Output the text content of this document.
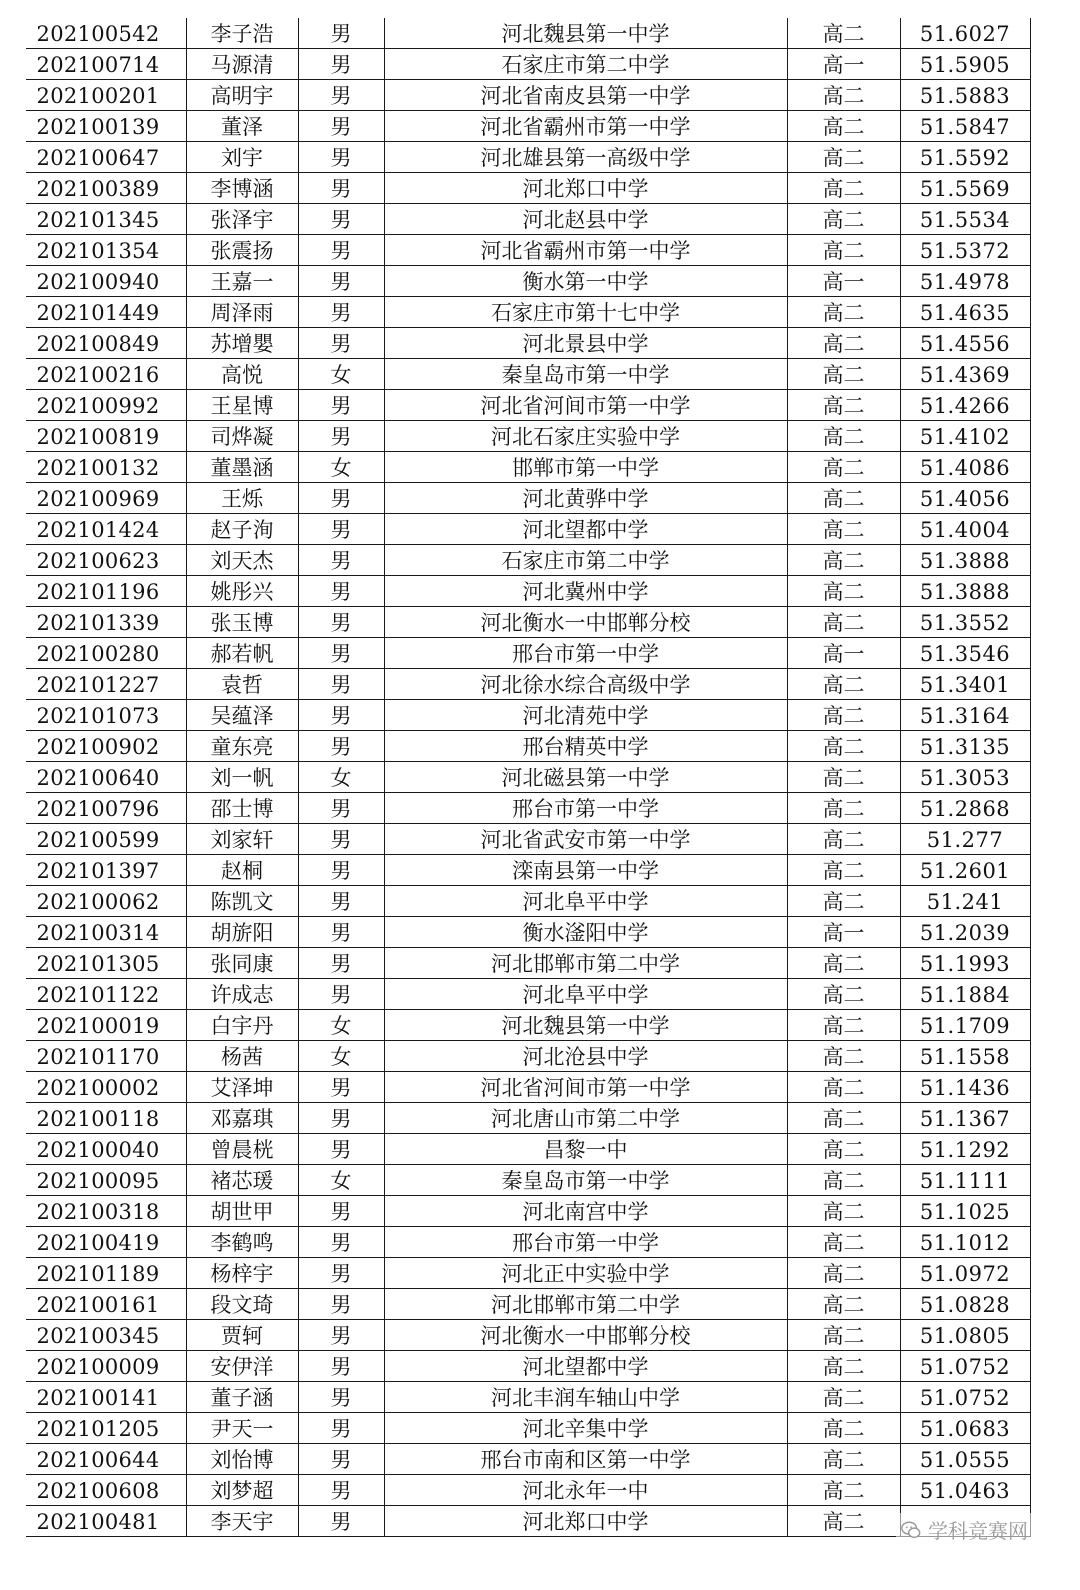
202100542	李子浩	男	河北魏县第一中学	高二	51.6027
202100714	马源清	男	石家庄市第二中学	高一	51.5905
202100201	高明宇	男	河北省南皮县第一中学	高二	51.5883
202100139	董泽	男	河北省霸州市第一中学	高二	51.5847
202100647	刘宇	男	河北雄县第一高级中学	高二	51.5592
202100389	李博涵	男	河北郑口中学	高二	51.5569
202101345	张泽宇	男	河北赵县中学	高二	51.5534
202101354	张震扬	男	河北省霸州市第一中学	高二	51.5372
202100940	王嘉一	男	衡水第一中学	高一	51.4978
202101449	周泽雨	男	石家庄市第十七中学	高二	51.4635
202100849	苏增嬰	男	河北景县中学	高二	51.4556
202100216	高悦	女	秦皇岛市第一中学	高二	51.4369
202100992	王星博	男	河北省河间市第一中学	高二	51.4266
202100819	司烨凝	男	河北石家庄实验中学	高二	51.4102
202100132	董墨涵	女	邯郸市第一中学	高二	51.4086
202100969	王烁	男	河北黄骅中学	高二	51.4056
202101424	赵子洵	男	河北望都中学	高二	51.4004
202100623	刘天杰	男	石家庄市第二中学	高二	51.3888
202101196	姚彤兴	男	河北冀州中学	高二	51.3888
202101339	张玉博	男	河北衡水一中邯郸分校	高二	51.3552
202100280	郝若帆	男	邢台市第一中学	高一	51.3546
202101227	袁哲	男	河北徐水综合高级中学	高二	51.3401
202101073	吴蕴泽	男	河北清苑中学	高二	51.3164
202100902	童东亮	男	邢台精英中学	高二	51.3135
202100640	刘一帆	女	河北磁县第一中学	高二	51.3053
202100796	邵士博	男	邢台市第一中学	高二	51.2868
202100599	刘家轩	男	河北省武安市第一中学	高二	51.277
202101397	赵桐	男	滦南县第一中学	高二	51.2601
202100062	陈凯文	男	河北阜平中学	高二	51.241
202100314	胡旂阳	男	衡水滏阳中学	高一	51.2039
202101305	张同康	男	河北邯郸市第二中学	高二	51.1993
202101122	许成志	男	河北阜平中学	高二	51.1884
202100019	白宇丹	女	河北魏县第一中学	高二	51.1709
202101170	杨茜	女	河北沧县中学	高二	51.1558
202100002	艾泽坤	男	河北省河间市第一中学	高二	51.1436
202100118	邓嘉琪	男	河北唐山市第二中学	高二	51.1367
202100040	曾晨桄	男	昌黎一中	高二	51.1292
202100095	褚芯瑗	女	秦皇岛市第一中学	高二	51.1111
202100318	胡世甲	男	河北南宫中学	高二	51.1025
202100419	李鹤鸣	男	邢台市第一中学	高二	51.1012
202101189	杨梓宇	男	河北正中实验中学	高二	51.0972
202100161	段文琦	男	河北邯郸市第二中学	高二	51.0828
202100345	贾轲	男	河北衡水一中邯郸分校	高二	51.0805
202100009	安伊洋	男	河北望都中学	高二	51.0752
202100141	董子涵	男	河北丰润车轴山中学	高二	51.0752
202101205	尹天一	男	河北辛集中学	高二	51.0683
202100644	刘怡博	男	邢台市南和区第一中学	高二	51.0555
202100608	刘梦超	男	河北永年一中	高二	51.0463
202100481	李天宇	男	河北郑口中学	高二		学科竞赛网
